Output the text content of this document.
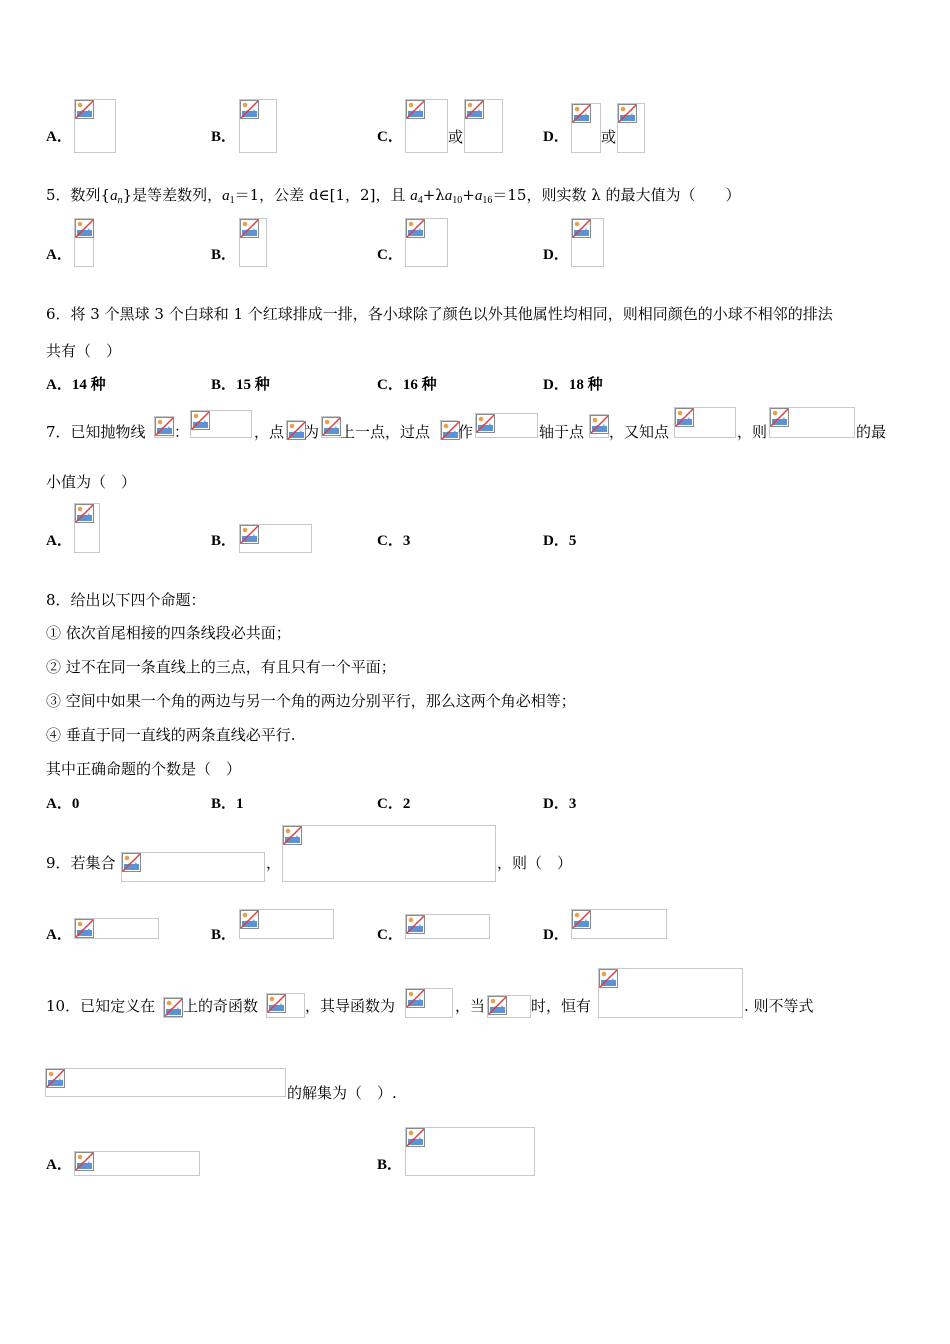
A．	B．	C．	或	D． 或
5．数列$\{a_n\}$是等差数列，$a_1=1$，公差 d∈[1，2]，且 $a_4+\lambda a_{10}+a_{16}=15$，则实数 λ 的最大值为（　　）
A．	B．	C．	D．
6．将 3 个黑球 3 个白球和 1 个红球排成一排，各小球除了颜色以外其他属性均相同，则相同颜色的小球不相邻的排法
共有（　）
A．14 种	B．15 种	C．16 种	D．18 种
7．已知抛物线 ：	，点 为 上一点，过点 作	轴于点 ，又知点	，则	的最
小值为（　）
A．	B．	C．3	D．5
8．给出以下四个命题：
① 依次首尾相接的四条线段必共面；
② 过不在同一条直线上的三点，有且只有一个平面；
③ 空间中如果一个角的两边与另一个角的两边分别平行，那么这两个角必相等；
④ 垂直于同一直线的两条直线必平行.
其中正确命题的个数是（　）
A．0	B．1	C．2	D．3
9．若集合	，	，则（　）
A．	B．	C．	D．
10．已知定义在 上的奇函数	，其导函数为	，当	时，恒有	. 则不等式
的解集为（　）.
A．	B．
